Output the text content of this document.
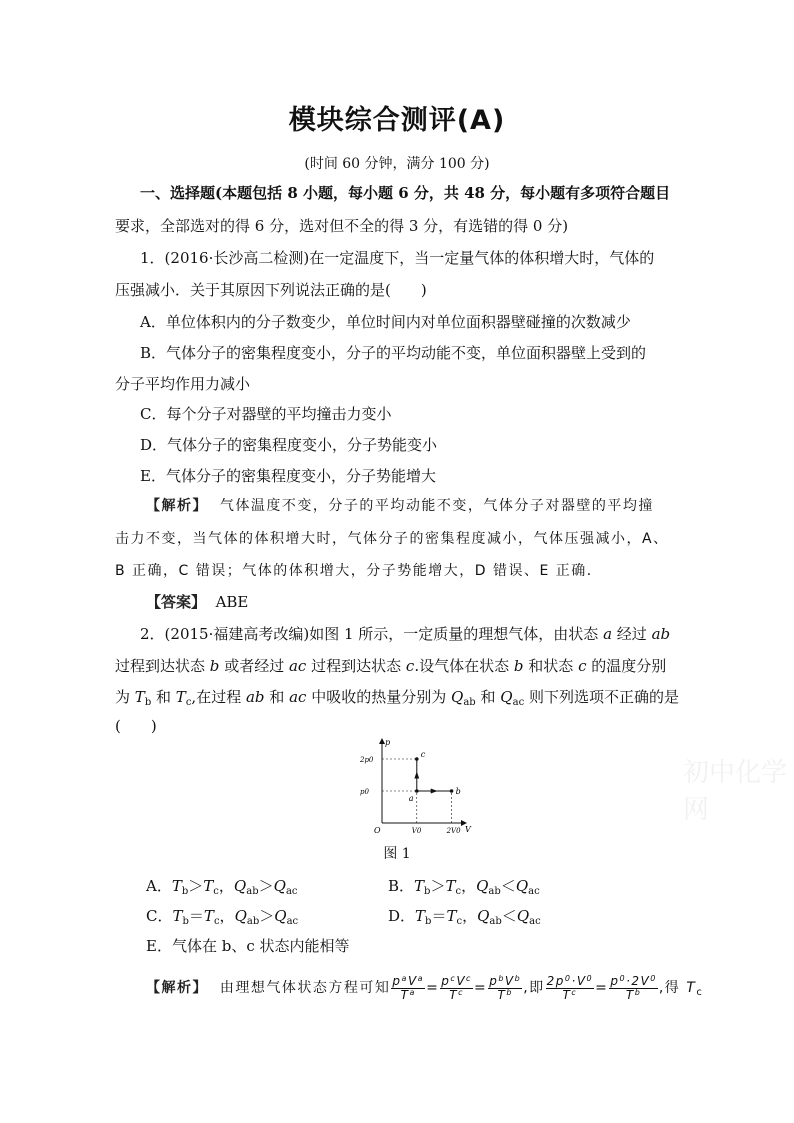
模块综合测评(A)
(时间 60 分钟，满分 100 分)
一、选择题(本题包括 8 小题，每小题 6 分，共 48 分，每小题有多项符合题目
要求，全部选对的得 6 分，选对但不全的得 3 分，有选错的得 0 分)
1．(2016·长沙高二检测)在一定温度下，当一定量气体的体积增大时，气体的
压强减小．关于其原因下列说法正确的是(　　)
A．单位体积内的分子数变少，单位时间内对单位面积器壁碰撞的次数减少
B．气体分子的密集程度变小，分子的平均动能不变，单位面积器壁上受到的
分子平均作用力减小
C．每个分子对器壁的平均撞击力变小
D．气体分子的密集程度变小，分子势能变小
E．气体分子的密集程度变小，分子势能增大
【解析】 气体温度不变，分子的平均动能不变，气体分子对器壁的平均撞
击力不变，当气体的体积增大时，气体分子的密集程度减小，气体压强减小，A、
B 正确，C 错误；气体的体积增大，分子势能增大，D 错误、E 正确．
【答案】 ABE
2．(2015·福建高考改编)如图 1 所示，一定质量的理想气体，由状态 a 经过 ab
过程到达状态 b 或者经过 ac 过程到达状态 c.设气体在状态 b 和状态 c 的温度分别
为 $T_b$ 和 $T_c$,在过程 ab 和 ac 中吸收的热量分别为 $Q_{ab}$ 和 $Q_{ac}$ 则下列选项不正确的是
(　　)
V
p
O	V0	2V0
p0
2p0
a
b
c
图 1
A．$T_b>T_c$，$Q_{ab}>Q_{ac}$	B．$T_b>T_c$，$Q_{ab}<Q_{ac}$
C．$T_b=T_c$，$Q_{ab}>Q_{ac}$	D．$T_b=T_c$，$Q_{ab}<Q_{ac}$
E．气体在 b、c 状态内能相等
【解析】 由理想气体状态方程可知 $\frac{p^aV^a}{T^a} = \frac{p^cV^c}{T^c} = \frac{p^bV^b}{T^b}$ ,即 $\frac{2p^0\cdot V^0}{T^c} = \frac{p^0\cdot 2V^0}{T^b}$ ,得 $T_c$
初中化学网
